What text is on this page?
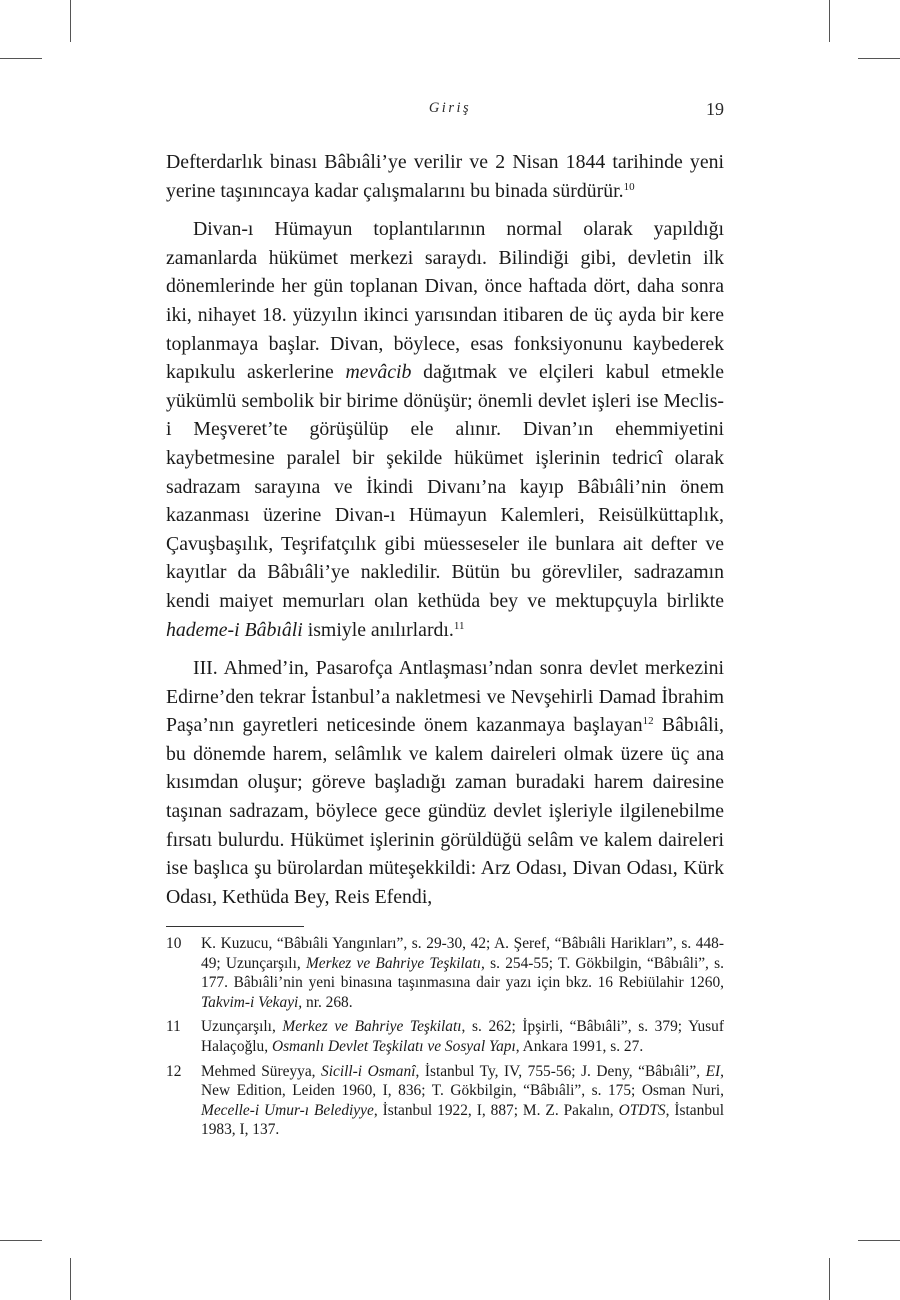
Giriş	19

Defterdarlık binası Bâbıâli’ye verilir ve 2 Nisan 1844 tarihinde yeni yerine taşınıncaya kadar çalışmalarını bu binada sürdürür.$^{10}$

Divan-ı Hümayun toplantılarının normal olarak yapıldığı zamanlarda hükümet merkezi saraydı. Bilindiği gibi, devletin ilk dönemlerinde her gün toplanan Divan, önce haftada dört, daha sonra iki, nihayet 18. yüzyılın ikinci yarısından itibaren de üç ayda bir kere toplanmaya başlar. Divan, böylece, esas fonksiyonunu kaybederek kapıkulu askerlerine mevâcib dağıtmak ve elçileri kabul etmekle yükümlü sembolik bir birime dönüşür; önemli devlet işleri ise Meclis-i Meşveret’te görüşülüp ele alınır. Divan’ın ehemmiyetini kaybetmesine paralel bir şekilde hükümet işlerinin tedricî olarak sadrazam sarayına ve İkindi Divanı’na kayıp Bâbıâli’nin önem kazanması üzerine Divan-ı Hümayun Kalemleri, Reisülküttaplık, Çavuşbaşılık, Teşrifatçılık gibi müesseseler ile bunlara ait defter ve kayıtlar da Bâbıâli’ye nakledilir. Bütün bu görevliler, sadrazamın kendi maiyet memurları olan kethüda bey ve mektupçuyla birlikte hademe-i Bâbıâli ismiyle anılırlardı.$^{11}$

III. Ahmed’in, Pasarofça Antlaşması’ndan sonra devlet merkezini Edirne’den tekrar İstanbul’a nakletmesi ve Nevşehirli Damad İbrahim Paşa’nın gayretleri neticesinde önem kazanmaya başlayan$^{12}$ Bâbıâli, bu dönemde harem, selâmlık ve kalem daireleri olmak üzere üç ana kısımdan oluşur; göreve başladığı zaman buradaki harem dairesine taşınan sadrazam, böylece gece gündüz devlet işleriyle ilgilenebilme fırsatı bulurdu. Hükümet işlerinin görüldüğü selâm ve kalem daireleri ise başlıca şu bürolardan müteşekkildi: Arz Odası, Divan Odası, Kürk Odası, Kethüda Bey, Reis Efendi,

10 K. Kuzucu, “Bâbıâli Yangınları”, s. 29-30, 42; A. Şeref, “Bâbıâli Harikları”, s. 448-49; Uzunçarşılı, Merkez ve Bahriye Teşkilatı, s. 254-55; T. Gökbilgin, “Bâbıâli”, s. 177. Bâbıâli’nin yeni binasına taşınmasına dair yazı için bkz. 16 Rebiülahir 1260, Takvim-i Vekayi, nr. 268.
11 Uzunçarşılı, Merkez ve Bahriye Teşkilatı, s. 262; İpşirli, “Bâbıâli”, s. 379; Yusuf Halaçoğlu, Osmanlı Devlet Teşkilatı ve Sosyal Yapı, Ankara 1991, s. 27.
12 Mehmed Süreyya, Sicill-i Osmanî, İstanbul Ty, IV, 755-56; J. Deny, “Bâbıâli”, EI, New Edition, Leiden 1960, I, 836; T. Gökbilgin, “Bâbıâli”, s. 175; Osman Nuri, Mecelle-i Umur-ı Belediyye, İstanbul 1922, I, 887; M. Z. Pakalın, OTDTS, İstanbul 1983, I, 137.
